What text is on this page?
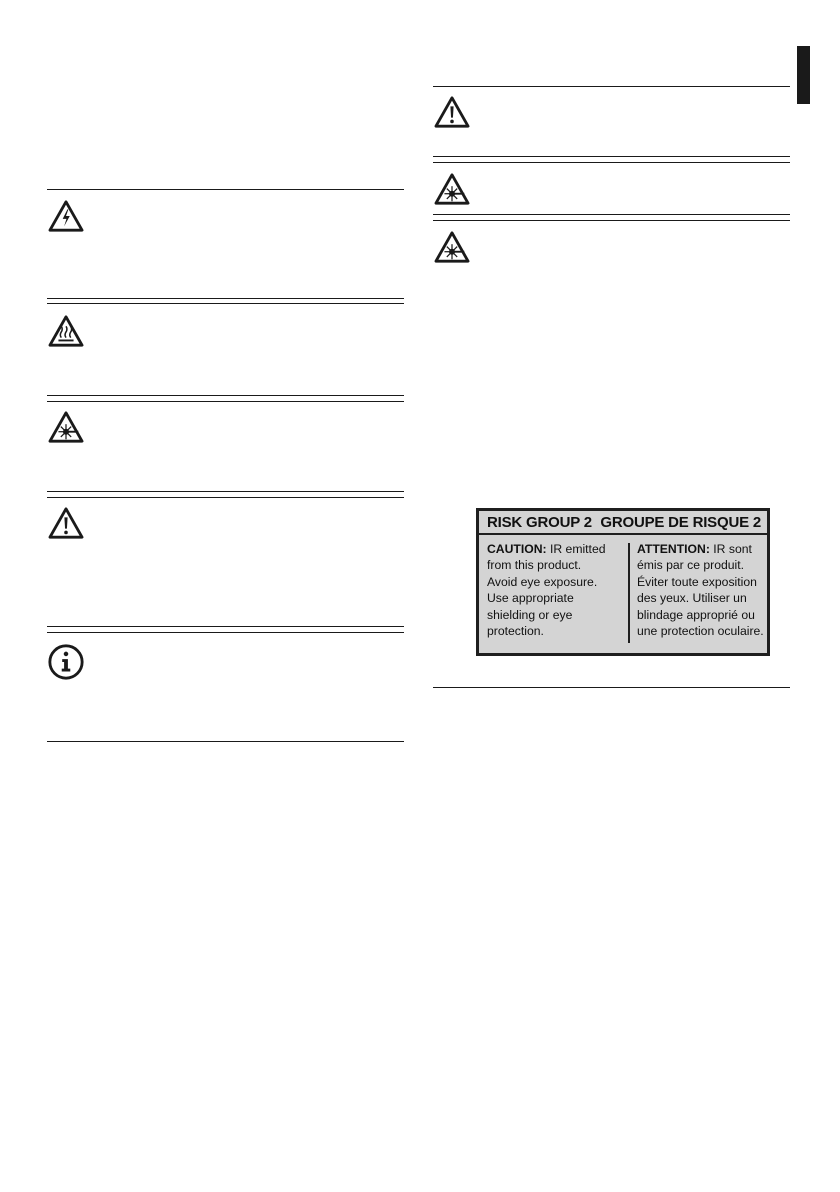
RISK GROUP 2 GROUPE DE RISQUE 2
CAUTION: IR emitted
from this product.
Avoid eye exposure.
Use appropriate
shielding or eye
protection.
ATTENTION: IR sont
émis par ce produit.
Éviter toute exposition
des yeux. Utiliser un
blindage approprié ou
une protection oculaire.
